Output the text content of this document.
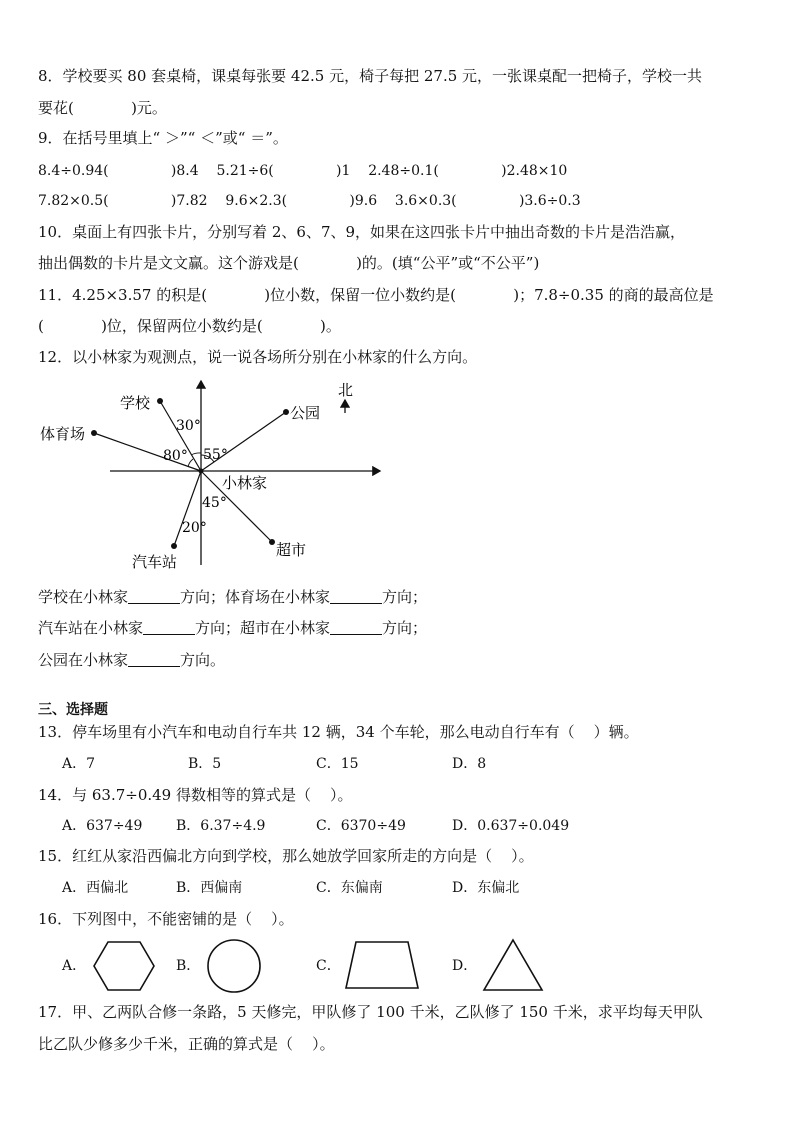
8．学校要买 80 套桌椅，课桌每张要 42.5 元，椅子每把 27.5 元，一张课桌配一把椅子，学校一共
要花(            )元。
9．在括号里填上“ ＞”“ ＜”或“ ＝”。
8.4÷0.94(              )8.4    5.21÷6(              )1    2.48÷0.1(              )2.48×10
7.82×0.5(              )7.82    9.6×2.3(              )9.6    3.6×0.3(              )3.6÷0.3
10．桌面上有四张卡片，分别写着 2、6、7、9，如果在这四张卡片中抽出奇数的卡片是浩浩赢，
抽出偶数的卡片是文文赢。这个游戏是(            )的。(填“公平”或“不公平”)
11．4.25×3.57 的积是(            )位小数，保留一位小数约是(            )；7.8÷0.35 的商的最高位是
(            )位，保留两位小数约是(            )。
12．以小林家为观测点，说一说各场所分别在小林家的什么方向。
北
学校
公园
体育场
小林家
汽车站
超市
30°
55°
80°
45°
20°
学校在小林家	方向；体育场在小林家	方向；
汽车站在小林家	方向；超市在小林家	方向；
公园在小林家	方向。
三、选择题
13．停车场里有小汽车和电动自行车共 12 辆，34 个车轮，那么电动自行车有（    ）辆。
A．7	B．5	C．15	D．8
14．与 63.7÷0.49 得数相等的算式是（    ）。
A．637÷49 B．6.37÷4.9	C．6370÷49	D．0.637÷0.049
15．红红从家沿西偏北方向到学校，那么她放学回家所走的方向是（    ）。
A．西偏北	B．西偏南	C．东偏南	D．东偏北
16．下列图中，不能密铺的是（    ）。
A．	B．	C．	D．
17．甲、乙两队合修一条路，5 天修完，甲队修了 100 千米，乙队修了 150 千米，求平均每天甲队
比乙队少修多少千米，正确的算式是（    ）。
